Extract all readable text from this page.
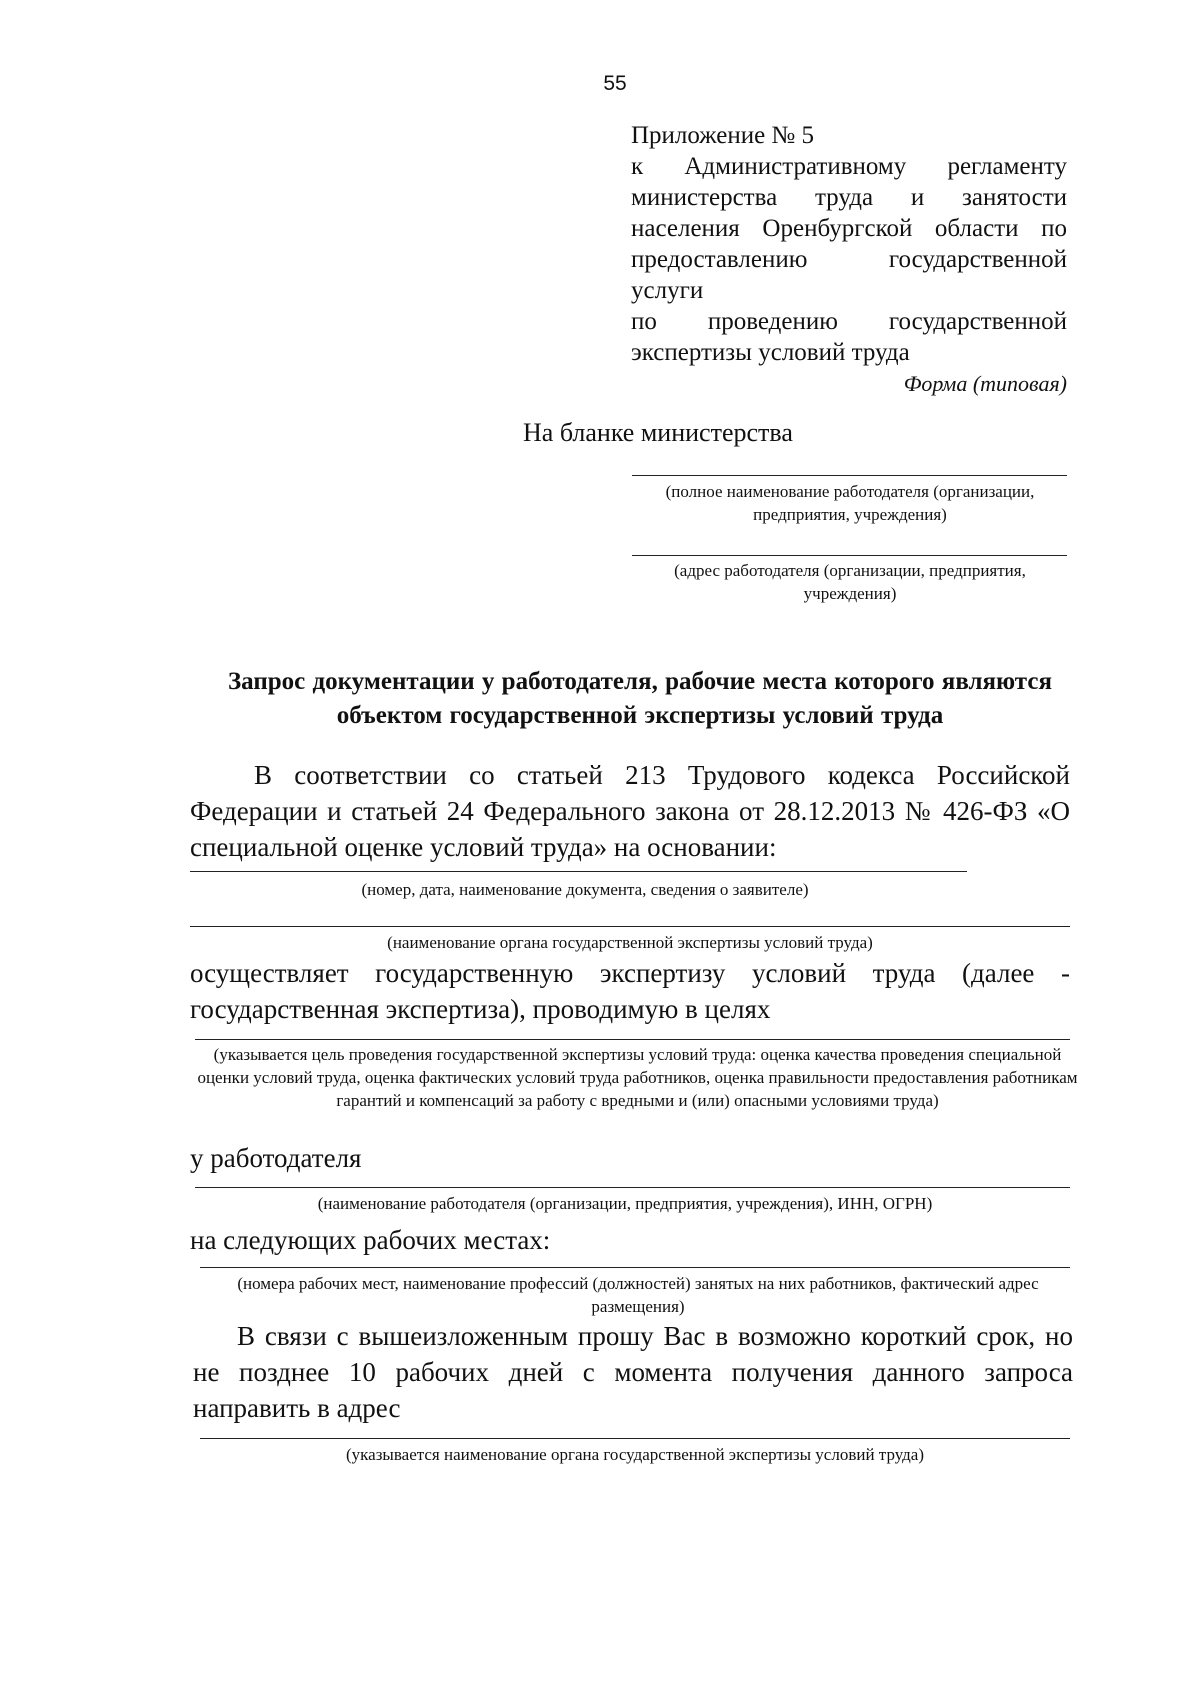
55
Приложение № 5
к Административному регламенту
министерства труда и занятости
населения Оренбургской области по
предоставлению государственной услуги
по проведению государственной
экспертизы условий труда
Форма (типовая)
На бланке министерства
(полное наименование работодателя (организации, предприятия, учреждения)
(адрес работодателя (организации, предприятия, учреждения)
Запрос документации у работодателя, рабочие места которого являются
объектом государственной экспертизы условий труда
В соответствии со статьей 213 Трудового кодекса Российской
Федерации и статьей 24 Федерального закона от 28.12.2013 № 426-ФЗ «О
специальной оценке условий труда» на основании:
(номер, дата, наименование документа, сведения о заявителе)
(наименование органа государственной экспертизы условий труда)
осуществляет государственную экспертизу условий труда (далее -
государственная экспертиза), проводимую в целях
(указывается цель проведения государственной экспертизы условий труда: оценка качества проведения специальной оценки условий труда, оценка фактических условий труда работников, оценка правильности предоставления работникам гарантий и компенсаций за работу с вредными и (или) опасными условиями труда)
у работодателя
(наименование работодателя (организации, предприятия, учреждения), ИНН, ОГРН)
на следующих рабочих местах:
(номера рабочих мест, наименование профессий (должностей) занятых на них работников, фактический адрес размещения)
В связи с вышеизложенным прошу Вас в возможно короткий срок, но
не позднее 10 рабочих дней с момента получения данного запроса
направить в адрес
(указывается наименование органа государственной экспертизы условий труда)
